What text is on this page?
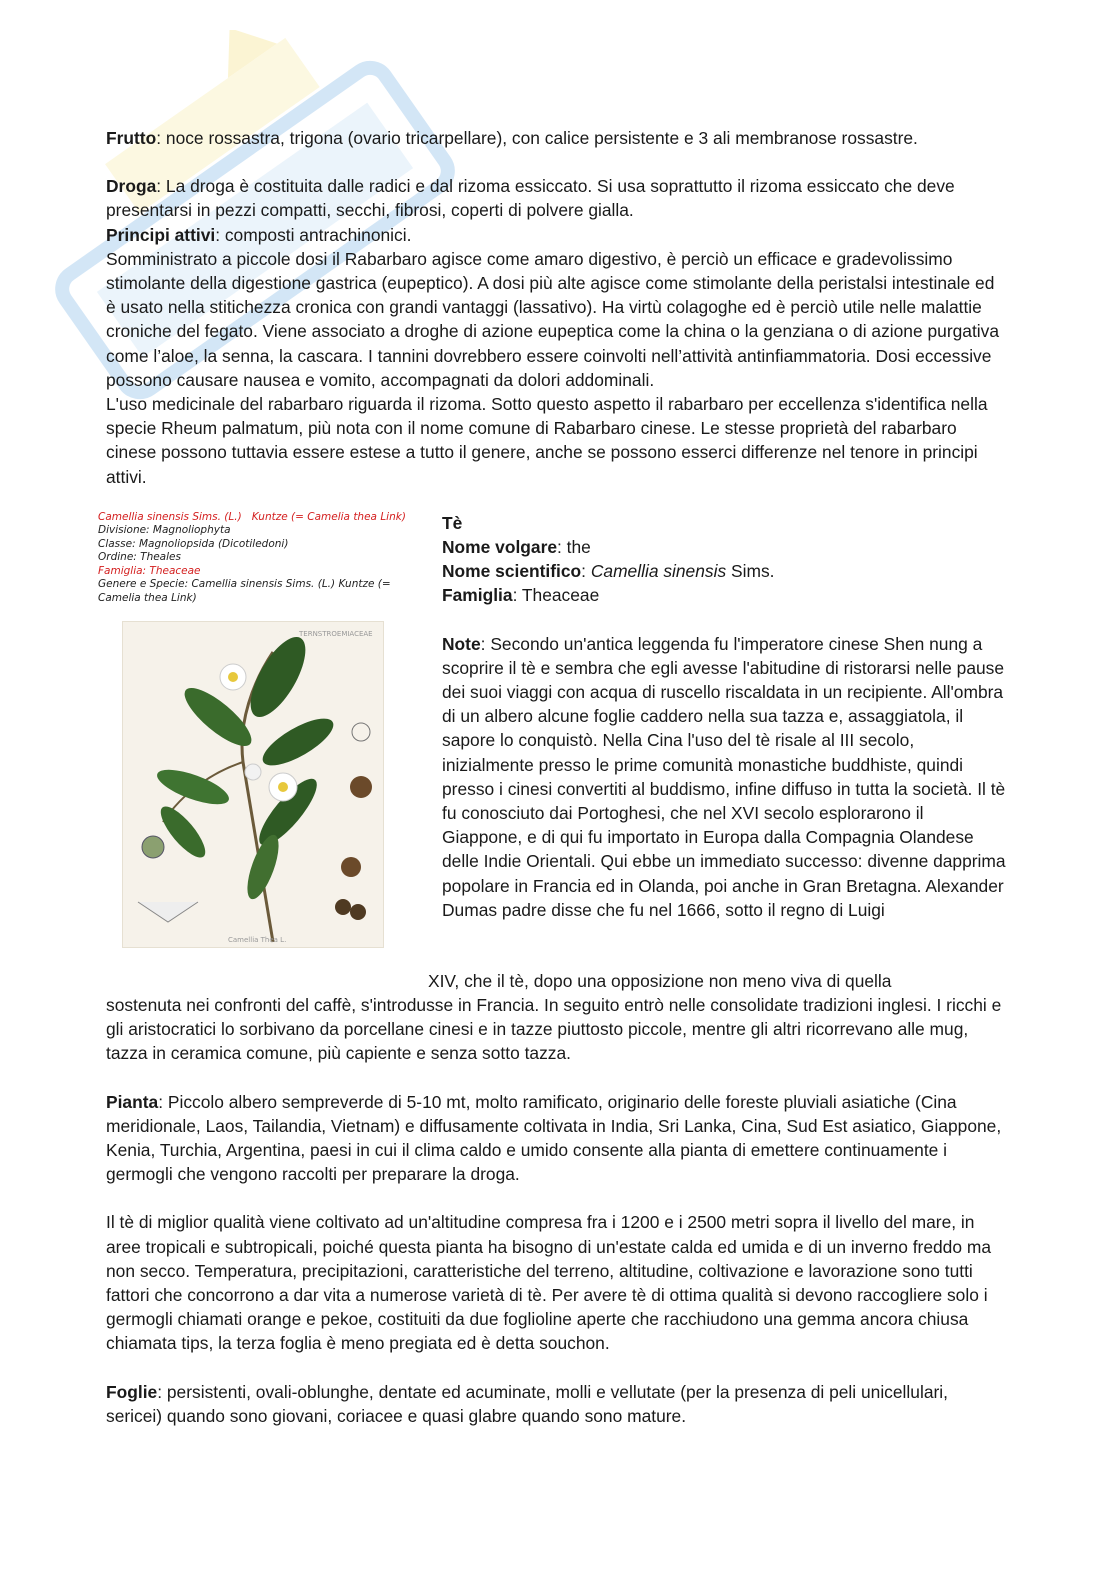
Frutto: noce rossastra, trigona (ovario tricarpellare), con calice persistente e 3 ali membranose rossastre.

Droga: La droga è costituita dalle radici e dal rizoma essiccato. Si usa soprattutto il rizoma essiccato che deve presentarsi in pezzi compatti, secchi, fibrosi, coperti di polvere gialla.

Principi attivi: composti antrachinonici.

Somministrato a piccole dosi il Rabarbaro agisce come amaro digestivo, è perciò un efficace e gradevolissimo stimolante della digestione gastrica (eupeptico). A dosi più alte agisce come stimolante della peristalsi intestinale ed è usato nella stitichezza cronica con grandi vantaggi (lassativo). Ha virtù colagoghe ed è perciò utile nelle malattie croniche del fegato. Viene associato a droghe di azione eupeptica come la china o la genziana o di azione purgativa come l’aloe, la senna, la cascara. I tannini dovrebbero essere coinvolti nell’attività antinfiammatoria. Dosi eccessive possono causare nausea e vomito, accompagnati da dolori addominali.

L'uso medicinale del rabarbaro riguarda il rizoma. Sotto questo aspetto il rabarbaro per eccellenza s'identifica nella specie Rheum palmatum, più nota con il nome comune di Rabarbaro cinese. Le stesse proprietà del rabarbaro cinese possono tuttavia essere estese a tutto il genere, anche se possono esserci differenze nel tenore in principi attivi.

Camellia sinensis Sims. (L.) Kuntze (= Camelia thea Link)
Divisione: Magnoliophyta
Classe: Magnoliopsida (Dicotiledoni)
Ordine: Theales
Famiglia: Theaceae
Genere e Specie: Camellia sinensis Sims. (L.) Kuntze (= Camelia thea Link)
TERNSTROEMIACEAE
Camellia Thea L.

Tè

Nome volgare: the

Nome scientifico: Camellia sinensis Sims.

Famiglia: Theaceae

Note: Secondo un'antica leggenda fu l'imperatore cinese Shen nung a scoprire il tè e sembra che egli avesse l'abitudine di ristorarsi nelle pause dei suoi viaggi con acqua di ruscello riscaldata in un recipiente. All'ombra di un albero alcune foglie caddero nella sua tazza e, assaggiatola, il sapore lo conquistò. Nella Cina l'uso del tè risale al III secolo, inizialmente presso le prime comunità monastiche buddhiste, quindi presso i cinesi convertiti al buddismo, infine diffuso in tutta la società. Il tè fu conosciuto dai Portoghesi, che nel XVI secolo esplorarono il Giappone, e di qui fu importato in Europa dalla Compagnia Olandese delle Indie Orientali. Qui ebbe un immediato successo: divenne dapprima popolare in Francia ed in Olanda, poi anche in Gran Bretagna. Alexander Dumas padre disse che fu nel 1666, sotto il regno di Luigi

XIV, che il tè, dopo una opposizione non meno viva di quella

sostenuta nei confronti del caffè, s'introdusse in Francia. In seguito entrò nelle consolidate tradizioni inglesi. I ricchi e gli aristocratici lo sorbivano da porcellane cinesi e in tazze piuttosto piccole, mentre gli altri ricorrevano alle mug, tazza in ceramica comune, più capiente e senza sotto tazza.

Pianta: Piccolo albero sempreverde di 5-10 mt, molto ramificato, originario delle foreste pluviali asiatiche (Cina meridionale, Laos, Tailandia, Vietnam) e diffusamente coltivata in India, Sri Lanka, Cina, Sud Est asiatico, Giappone, Kenia, Turchia, Argentina, paesi in cui il clima caldo e umido consente alla pianta di emettere continuamente i germogli che vengono raccolti per preparare la droga.

Il tè di miglior qualità viene coltivato ad un'altitudine compresa fra i 1200 e i 2500 metri sopra il livello del mare, in aree tropicali e subtropicali, poiché questa pianta ha bisogno di un'estate calda ed umida e di un inverno freddo ma non secco. Temperatura, precipitazioni, caratteristiche del terreno, altitudine, coltivazione e lavorazione sono tutti fattori che concorrono a dar vita a numerose varietà di tè. Per avere tè di ottima qualità si devono raccogliere solo i germogli chiamati orange e pekoe, costituiti da due foglioline aperte che racchiudono una gemma ancora chiusa chiamata tips, la terza foglia è meno pregiata ed è detta souchon.

Foglie: persistenti, ovali-oblunghe, dentate ed acuminate, molli e vellutate (per la presenza di peli unicellulari, sericei) quando sono giovani, coriacee e quasi glabre quando sono mature.
